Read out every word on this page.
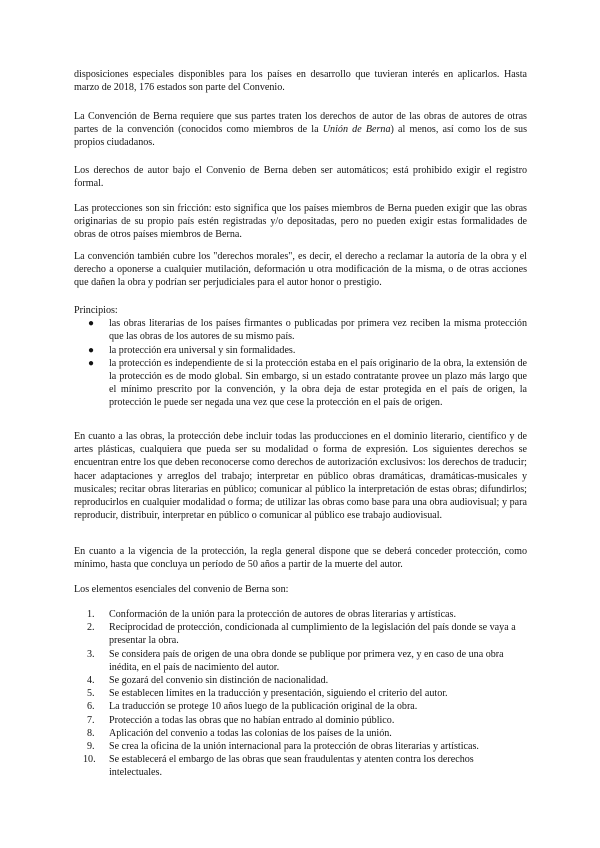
disposiciones especiales disponibles para los países en desarrollo que tuvieran interés en aplicarlos. Hasta marzo de 2018, 176 estados son parte del Convenio.

La Convención de Berna requiere que sus partes traten los derechos de autor de las obras de autores de otras partes de la convención (conocidos como miembros de la Unión de Berna) al menos, así como los de sus propios ciudadanos.

Los derechos de autor bajo el Convenio de Berna deben ser automáticos; está prohibido exigir el registro formal.

Las protecciones son sin fricción: esto significa que los países miembros de Berna pueden exigir que las obras originarias de su propio país estén registradas y/o depositadas, pero no pueden exigir estas formalidades de obras de otros países miembros de Berna.

La convención también cubre los "derechos morales", es decir, el derecho a reclamar la autoría de la obra y el derecho a oponerse a cualquier mutilación, deformación u otra modificación de la misma, o de otras acciones que dañen la obra y podrían ser perjudiciales para el autor honor o prestigio.

Principios:

● las obras literarias de los países firmantes o publicadas por primera vez reciben la misma protección que las obras de los autores de su mismo país.
● la protección era universal y sin formalidades.
● la protección es independiente de si la protección estaba en el país originario de la obra, la extensión de la protección es de modo global. Sin embargo, si un estado contratante provee un plazo más largo que el mínimo prescrito por la convención, y la obra deja de estar protegida en el país de origen, la protección le puede ser negada una vez que cese la protección en el país de origen.

En cuanto a las obras, la protección debe incluir todas las producciones en el dominio literario, científico y de artes plásticas, cualquiera que pueda ser su modalidad o forma de expresión. Los siguientes derechos se encuentran entre los que deben reconocerse como derechos de autorización exclusivos: los derechos de traducir; hacer adaptaciones y arreglos del trabajo; interpretar en público obras dramáticas, dramáticas-musicales y musicales; recitar obras literarias en público; comunicar al público la interpretación de estas obras; difundirlos; reproducirlos en cualquier modalidad o forma; de utilizar las obras como base para una obra audiovisual; y para reproducir, distribuir, interpretar en público o comunicar al público ese trabajo audiovisual.

En cuanto a la vigencia de la protección, la regla general dispone que se deberá conceder protección, como mínimo, hasta que concluya un período de 50 años a partir de la muerte del autor.

Los elementos esenciales del convenio de Berna son:

1. Conformación de la unión para la protección de autores de obras literarias y artísticas.
2. Reciprocidad de protección, condicionada al cumplimiento de la legislación del país donde se vaya a presentar la obra.
3. Se considera país de origen de una obra donde se publique por primera vez, y en caso de una obra inédita, en el país de nacimiento del autor.
4. Se gozará del convenio sin distinción de nacionalidad.
5. Se establecen límites en la traducción y presentación, siguiendo el criterio del autor.
6. La traducción se protege 10 años luego de la publicación original de la obra.
7. Protección a todas las obras que no habían entrado al dominio público.
8. Aplicación del convenio a todas las colonias de los países de la unión.
9. Se crea la oficina de la unión internacional para la protección de obras literarias y artísticas.
10. Se establecerá el embargo de las obras que sean fraudulentas y atenten contra los derechos intelectuales.
